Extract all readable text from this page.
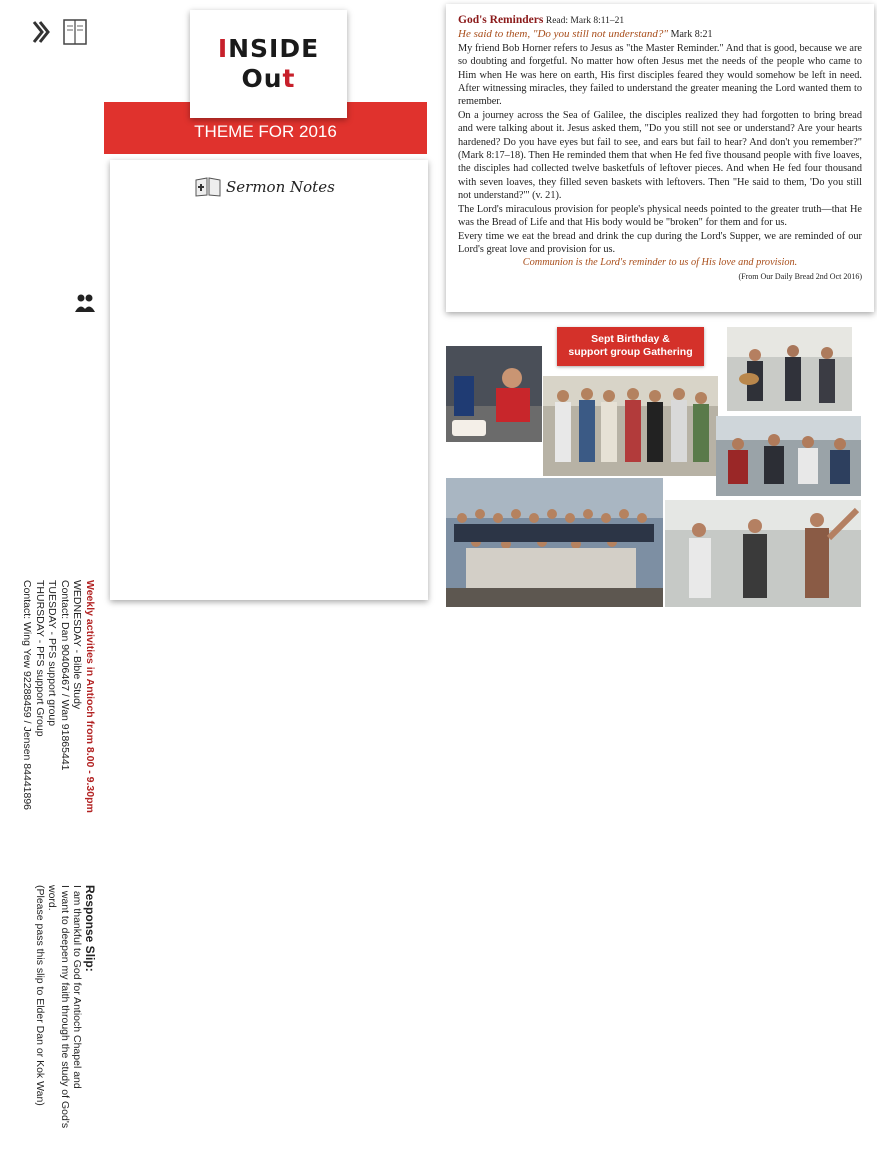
Weekly activities in Antioch from 8.00 - 9.30pm
WEDNESDAY - Bible Study
Contact: Dan 90406467 / Wan 91865441
TUESDAY - PFS support group
THURSDAY - PFS support Group
Contact: Wing Yew 92288459 / Jensen 84441896
Response Slip:
I am thankful to God for Antioch Chapel and
I want to deepen my faith through the study of God's
word.
(Please pass this slip to Elder Dan or Kok Wan)
THEME FOR 2016
INSIDE
Out
Sermon Notes
God's Reminders Read: Mark 8:11–21
He said to them, "Do you still not understand?" Mark 8:21

My friend Bob Horner refers to Jesus as "the Master Reminder." And that is good, because we are so doubting and forgetful. No matter how often Jesus met the needs of the people who came to Him when He was here on earth, His first disciples feared they would somehow be left in need. After witnessing miracles, they failed to understand the greater meaning the Lord wanted them to remember.

On a journey across the Sea of Galilee, the disciples realized they had forgotten to bring bread and were talking about it. Jesus asked them, "Do you still not see or understand? Are your hearts hardened? Do you have eyes but fail to see, and ears but fail to hear? And don't you remember?" (Mark 8:17–18). Then He reminded them that when He fed five thousand people with five loaves, the disciples had collected twelve basketfuls of leftover pieces. And when He fed four thousand with seven loaves, they filled seven baskets with leftovers. Then "He said to them, 'Do you still not understand?'" (v. 21).

The Lord's miraculous provision for people's physical needs pointed to the greater truth—that He was the Bread of Life and that His body would be "broken" for them and for us.

Every time we eat the bread and drink the cup during the Lord's Supper, we are reminded of our Lord's great love and provision for us.

Communion is the Lord's reminder to us of His love and provision.

(From Our Daily Bread 2nd Oct 2016)

Sept Birthday &
support group Gathering
